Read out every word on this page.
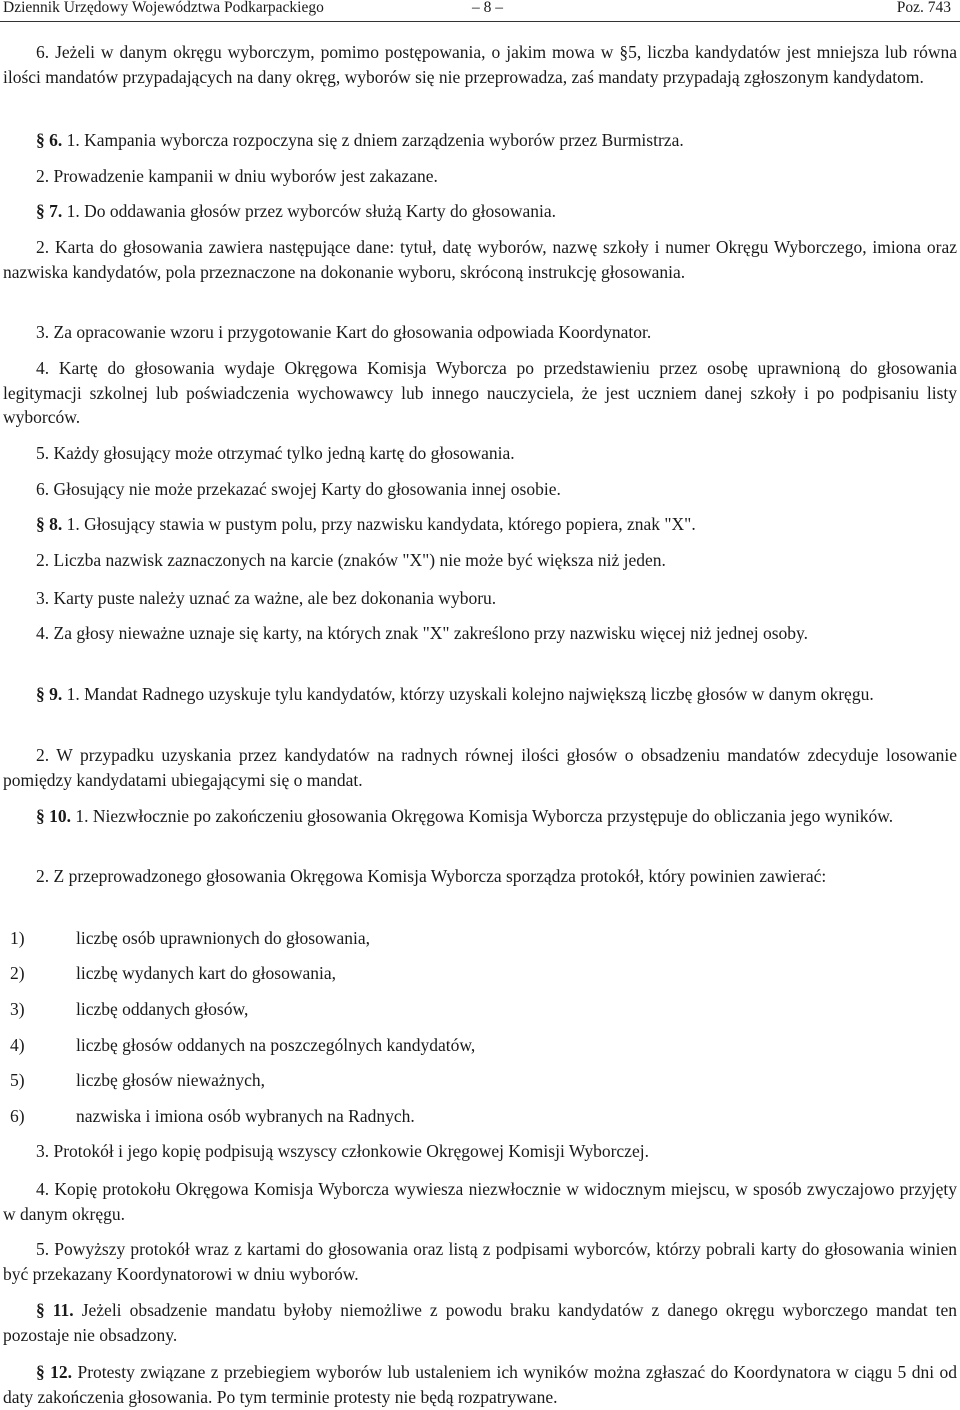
Dziennik Urzędowy Województwa Podkarpackiego	– 8 –	Poz. 743

6. Jeżeli w danym okręgu wyborczym, pomimo postępowania, o jakim mowa w §5, liczba kandydatów jest mniejsza lub równa ilości mandatów przypadających na dany okręg, wyborów się nie przeprowadza, zaś mandaty przypadają zgłoszonym kandydatom.

§ 6. 1. Kampania wyborcza rozpoczyna się z dniem zarządzenia wyborów przez Burmistrza.

2. Prowadzenie kampanii w dniu wyborów jest zakazane.

§ 7. 1. Do oddawania głosów przez wyborców służą Karty do głosowania.

2. Karta do głosowania zawiera następujące dane: tytuł, datę wyborów, nazwę szkoły i numer Okręgu Wyborczego, imiona oraz nazwiska kandydatów, pola przeznaczone na dokonanie wyboru, skróconą instrukcję głosowania.

3. Za opracowanie wzoru i przygotowanie Kart do głosowania odpowiada Koordynator.

4. Kartę do głosowania wydaje Okręgowa Komisja Wyborcza po przedstawieniu przez osobę uprawnioną do głosowania legitymacji szkolnej lub poświadczenia wychowawcy lub innego nauczyciela, że jest uczniem danej szkoły i po podpisaniu listy wyborców.

5. Każdy głosujący może otrzymać tylko jedną kartę do głosowania.

6. Głosujący nie może przekazać swojej Karty do głosowania innej osobie.

§ 8. 1. Głosujący stawia w pustym polu, przy nazwisku kandydata, którego popiera, znak "X".

2. Liczba nazwisk zaznaczonych na karcie (znaków "X") nie może być większa niż jeden.

3. Karty puste należy uznać za ważne, ale bez dokonania wyboru.

4. Za głosy nieważne uznaje się karty, na których znak "X" zakreślono przy nazwisku więcej niż jednej osoby.

§ 9. 1. Mandat Radnego uzyskuje tylu kandydatów, którzy uzyskali kolejno największą liczbę głosów w danym okręgu.

2. W przypadku uzyskania przez kandydatów na radnych równej ilości głosów o obsadzeniu mandatów zdecyduje losowanie pomiędzy kandydatami ubiegającymi się o mandat.

§ 10. 1. Niezwłocznie po zakończeniu głosowania Okręgowa Komisja Wyborcza przystępuje do obliczania jego wyników.

2. Z przeprowadzonego głosowania Okręgowa Komisja Wyborcza sporządza protokół, który powinien zawierać:

1)	liczbę osób uprawnionych do głosowania,
2)	liczbę wydanych kart do głosowania,
3)	liczbę oddanych głosów,
4)	liczbę głosów oddanych na poszczególnych kandydatów,
5)	liczbę głosów nieważnych,
6)	nazwiska i imiona osób wybranych na Radnych.

3. Protokół i jego kopię podpisują wszyscy członkowie Okręgowej Komisji Wyborczej.

4. Kopię protokołu Okręgowa Komisja Wyborcza wywiesza niezwłocznie w widocznym miejscu, w sposób zwyczajowo przyjęty w danym okręgu.

5. Powyższy protokół wraz z kartami do głosowania oraz listą z podpisami wyborców, którzy pobrali karty do głosowania winien być przekazany Koordynatorowi w dniu wyborów.

§ 11. Jeżeli obsadzenie mandatu byłoby niemożliwe z powodu braku kandydatów z danego okręgu wyborczego mandat ten pozostaje nie obsadzony.

§ 12. Protesty związane z przebiegiem wyborów lub ustaleniem ich wyników można zgłaszać do Koordynatora w ciągu 5 dni od daty zakończenia głosowania. Po tym terminie protesty nie będą rozpatrywane.
